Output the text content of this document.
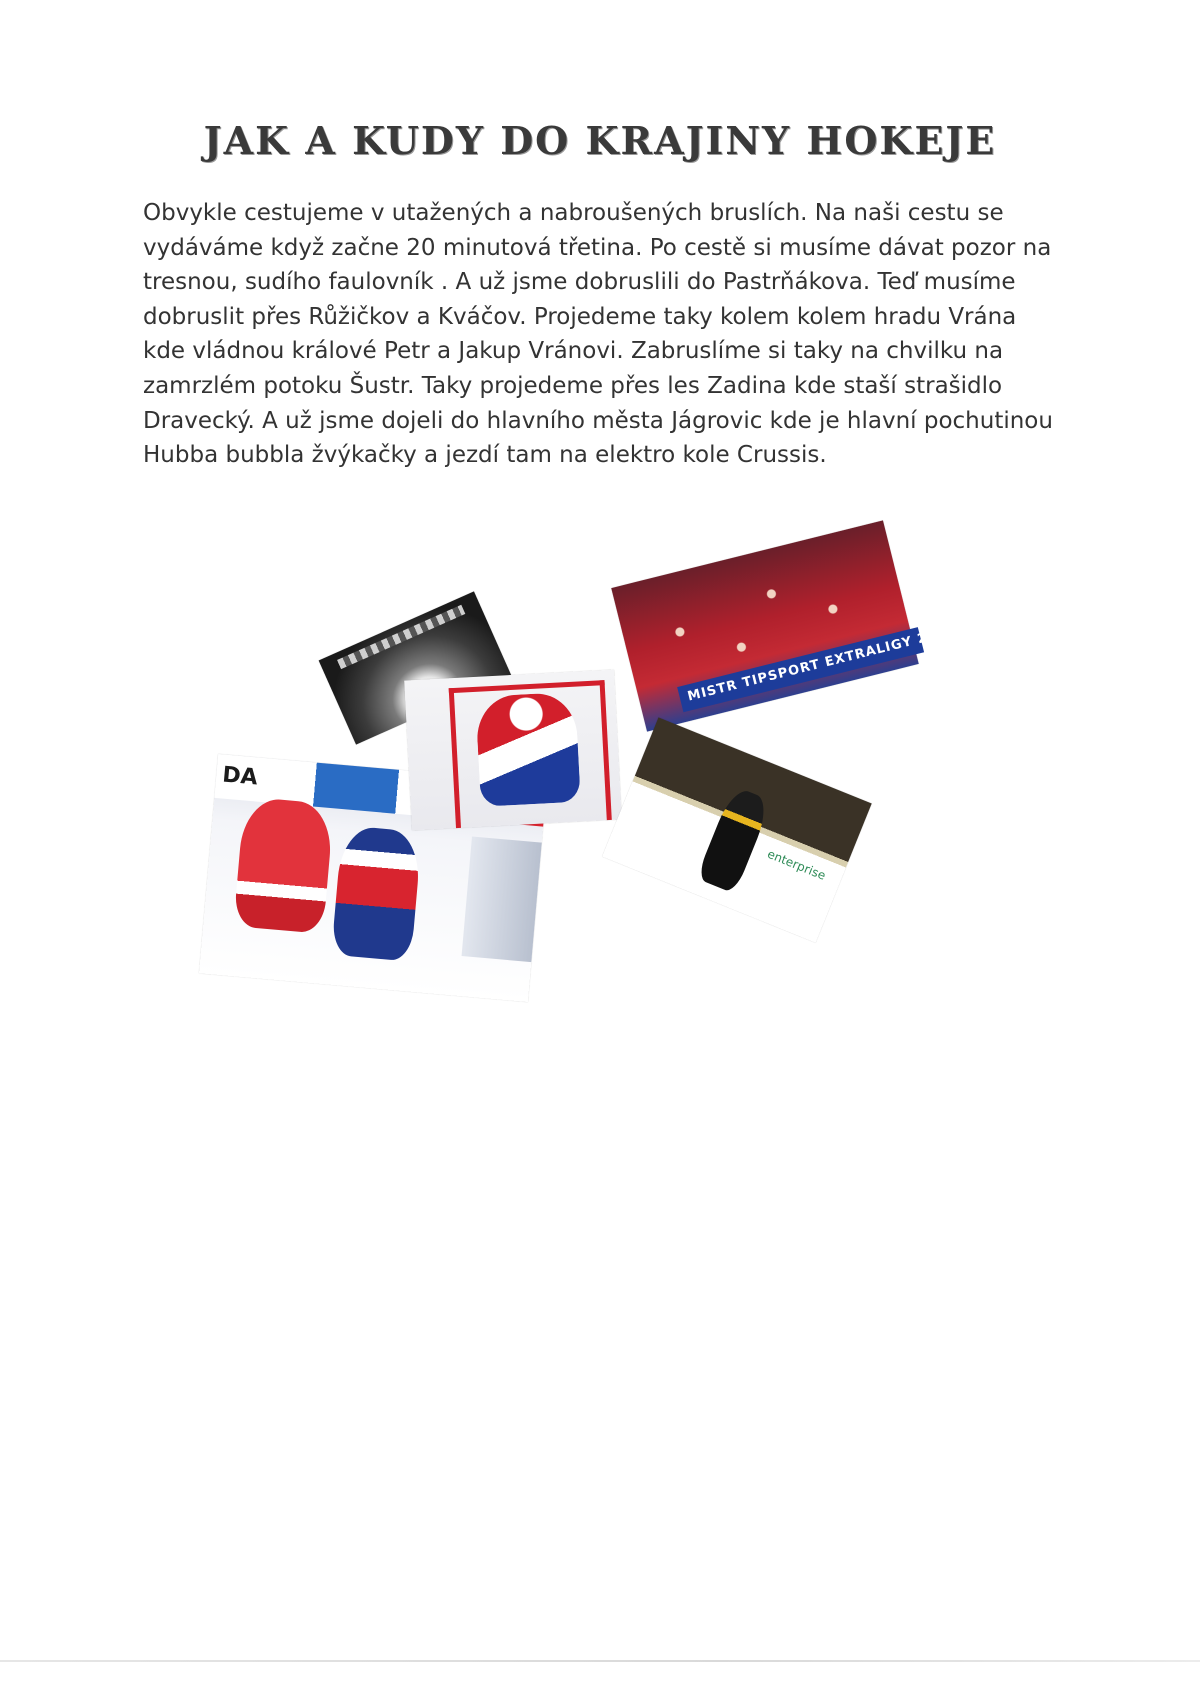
JAK A KUDY DO KRAJINY HOKEJE

Obvykle cestujeme v utažených a nabroušených bruslích. Na naši cestu se
vydáváme když začne 20 minutová třetina. Po cestě si musíme dávat pozor na
tresnou, sudího faulovník . A už jsme dobruslili do Pastrňákova. Teď musíme
dobruslit přes Růžičkov a Kváčov. Projedeme taky kolem kolem hradu Vrána
kde vládnou králové Petr a Jakup Vránovi. Zabruslíme si taky na chvilku na
zamrzlém potoku Šustr. Taky projedeme přes les Zadina kde staší strašidlo
Dravecký. A už jsme dojeli do hlavního města Jágrovic kde je hlavní pochutinou
Hubba bubbla žvýkačky a jezdí tam na elektro kole Crussis.

MISTR TIPSPORT EXTRALIGY 2020/2
DA
enterprise
